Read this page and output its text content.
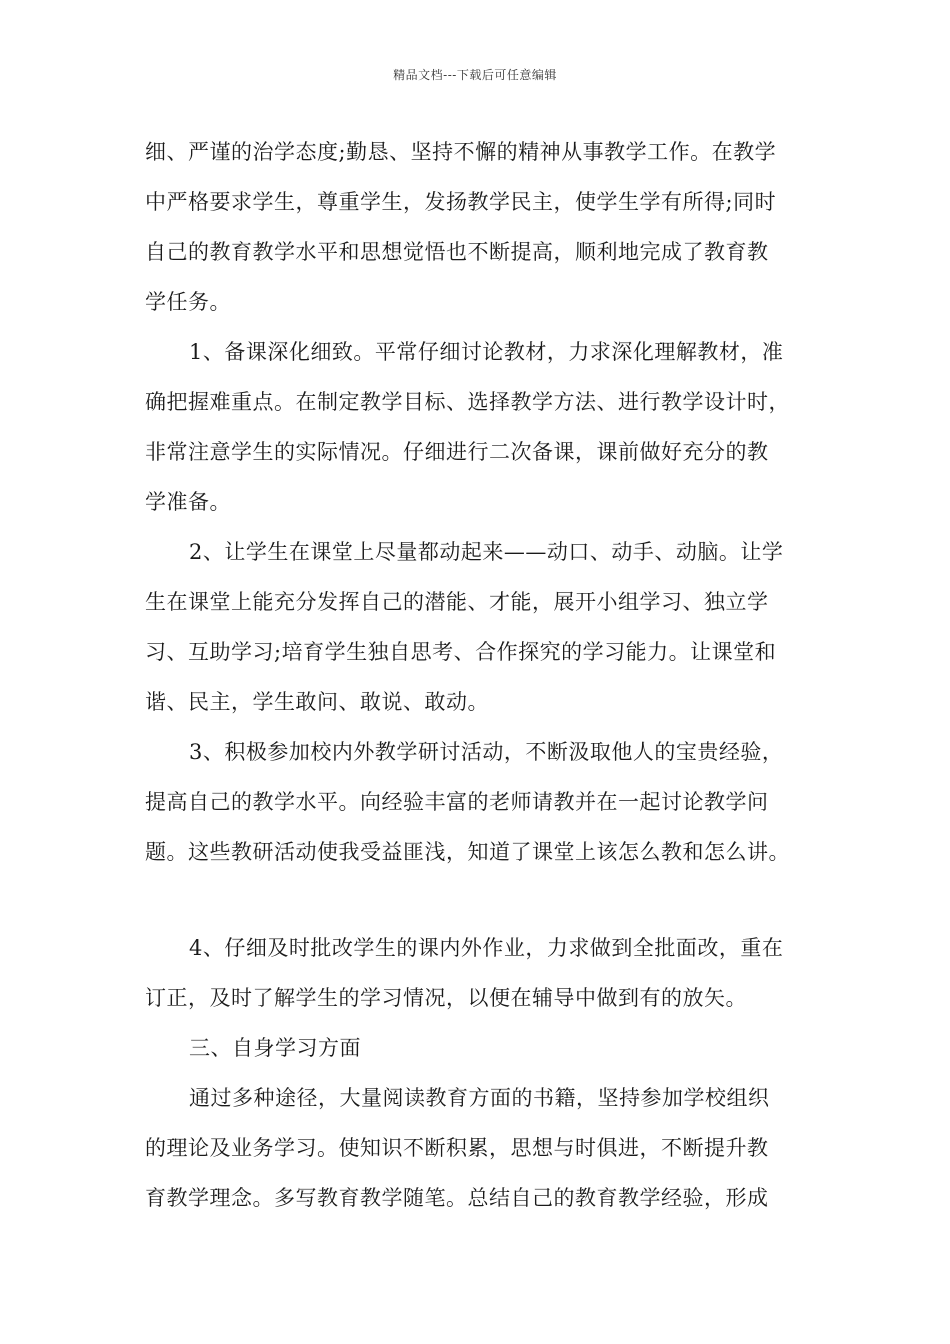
精品文档---下载后可任意编辑
细、严谨的治学态度;勤恳、坚持不懈的精神从事教学工作。在教学
中严格要求学生，尊重学生，发扬教学民主，使学生学有所得;同时
自己的教育教学水平和思想觉悟也不断提高，顺利地完成了教育教
学任务。
1、备课深化细致。平常仔细讨论教材，力求深化理解教材，准
确把握难重点。在制定教学目标、选择教学方法、进行教学设计时，
非常注意学生的实际情况。仔细进行二次备课，课前做好充分的教
学准备。
2、让学生在课堂上尽量都动起来——动口、动手、动脑。让学
生在课堂上能充分发挥自己的潜能、才能，展开小组学习、独立学
习、互助学习;培育学生独自思考、合作探究的学习能力。让课堂和
谐、民主，学生敢问、敢说、敢动。
3、积极参加校内外教学研讨活动，不断汲取他人的宝贵经验，
提高自己的教学水平。向经验丰富的老师请教并在一起讨论教学问
题。这些教研活动使我受益匪浅，知道了课堂上该怎么教和怎么讲。
4、仔细及时批改学生的课内外作业，力求做到全批面改，重在
订正，及时了解学生的学习情况，以便在辅导中做到有的放矢。
三、自身学习方面
通过多种途径，大量阅读教育方面的书籍，坚持参加学校组织
的理论及业务学习。使知识不断积累，思想与时俱进，不断提升教
育教学理念。多写教育教学随笔。总结自己的教育教学经验，形成
